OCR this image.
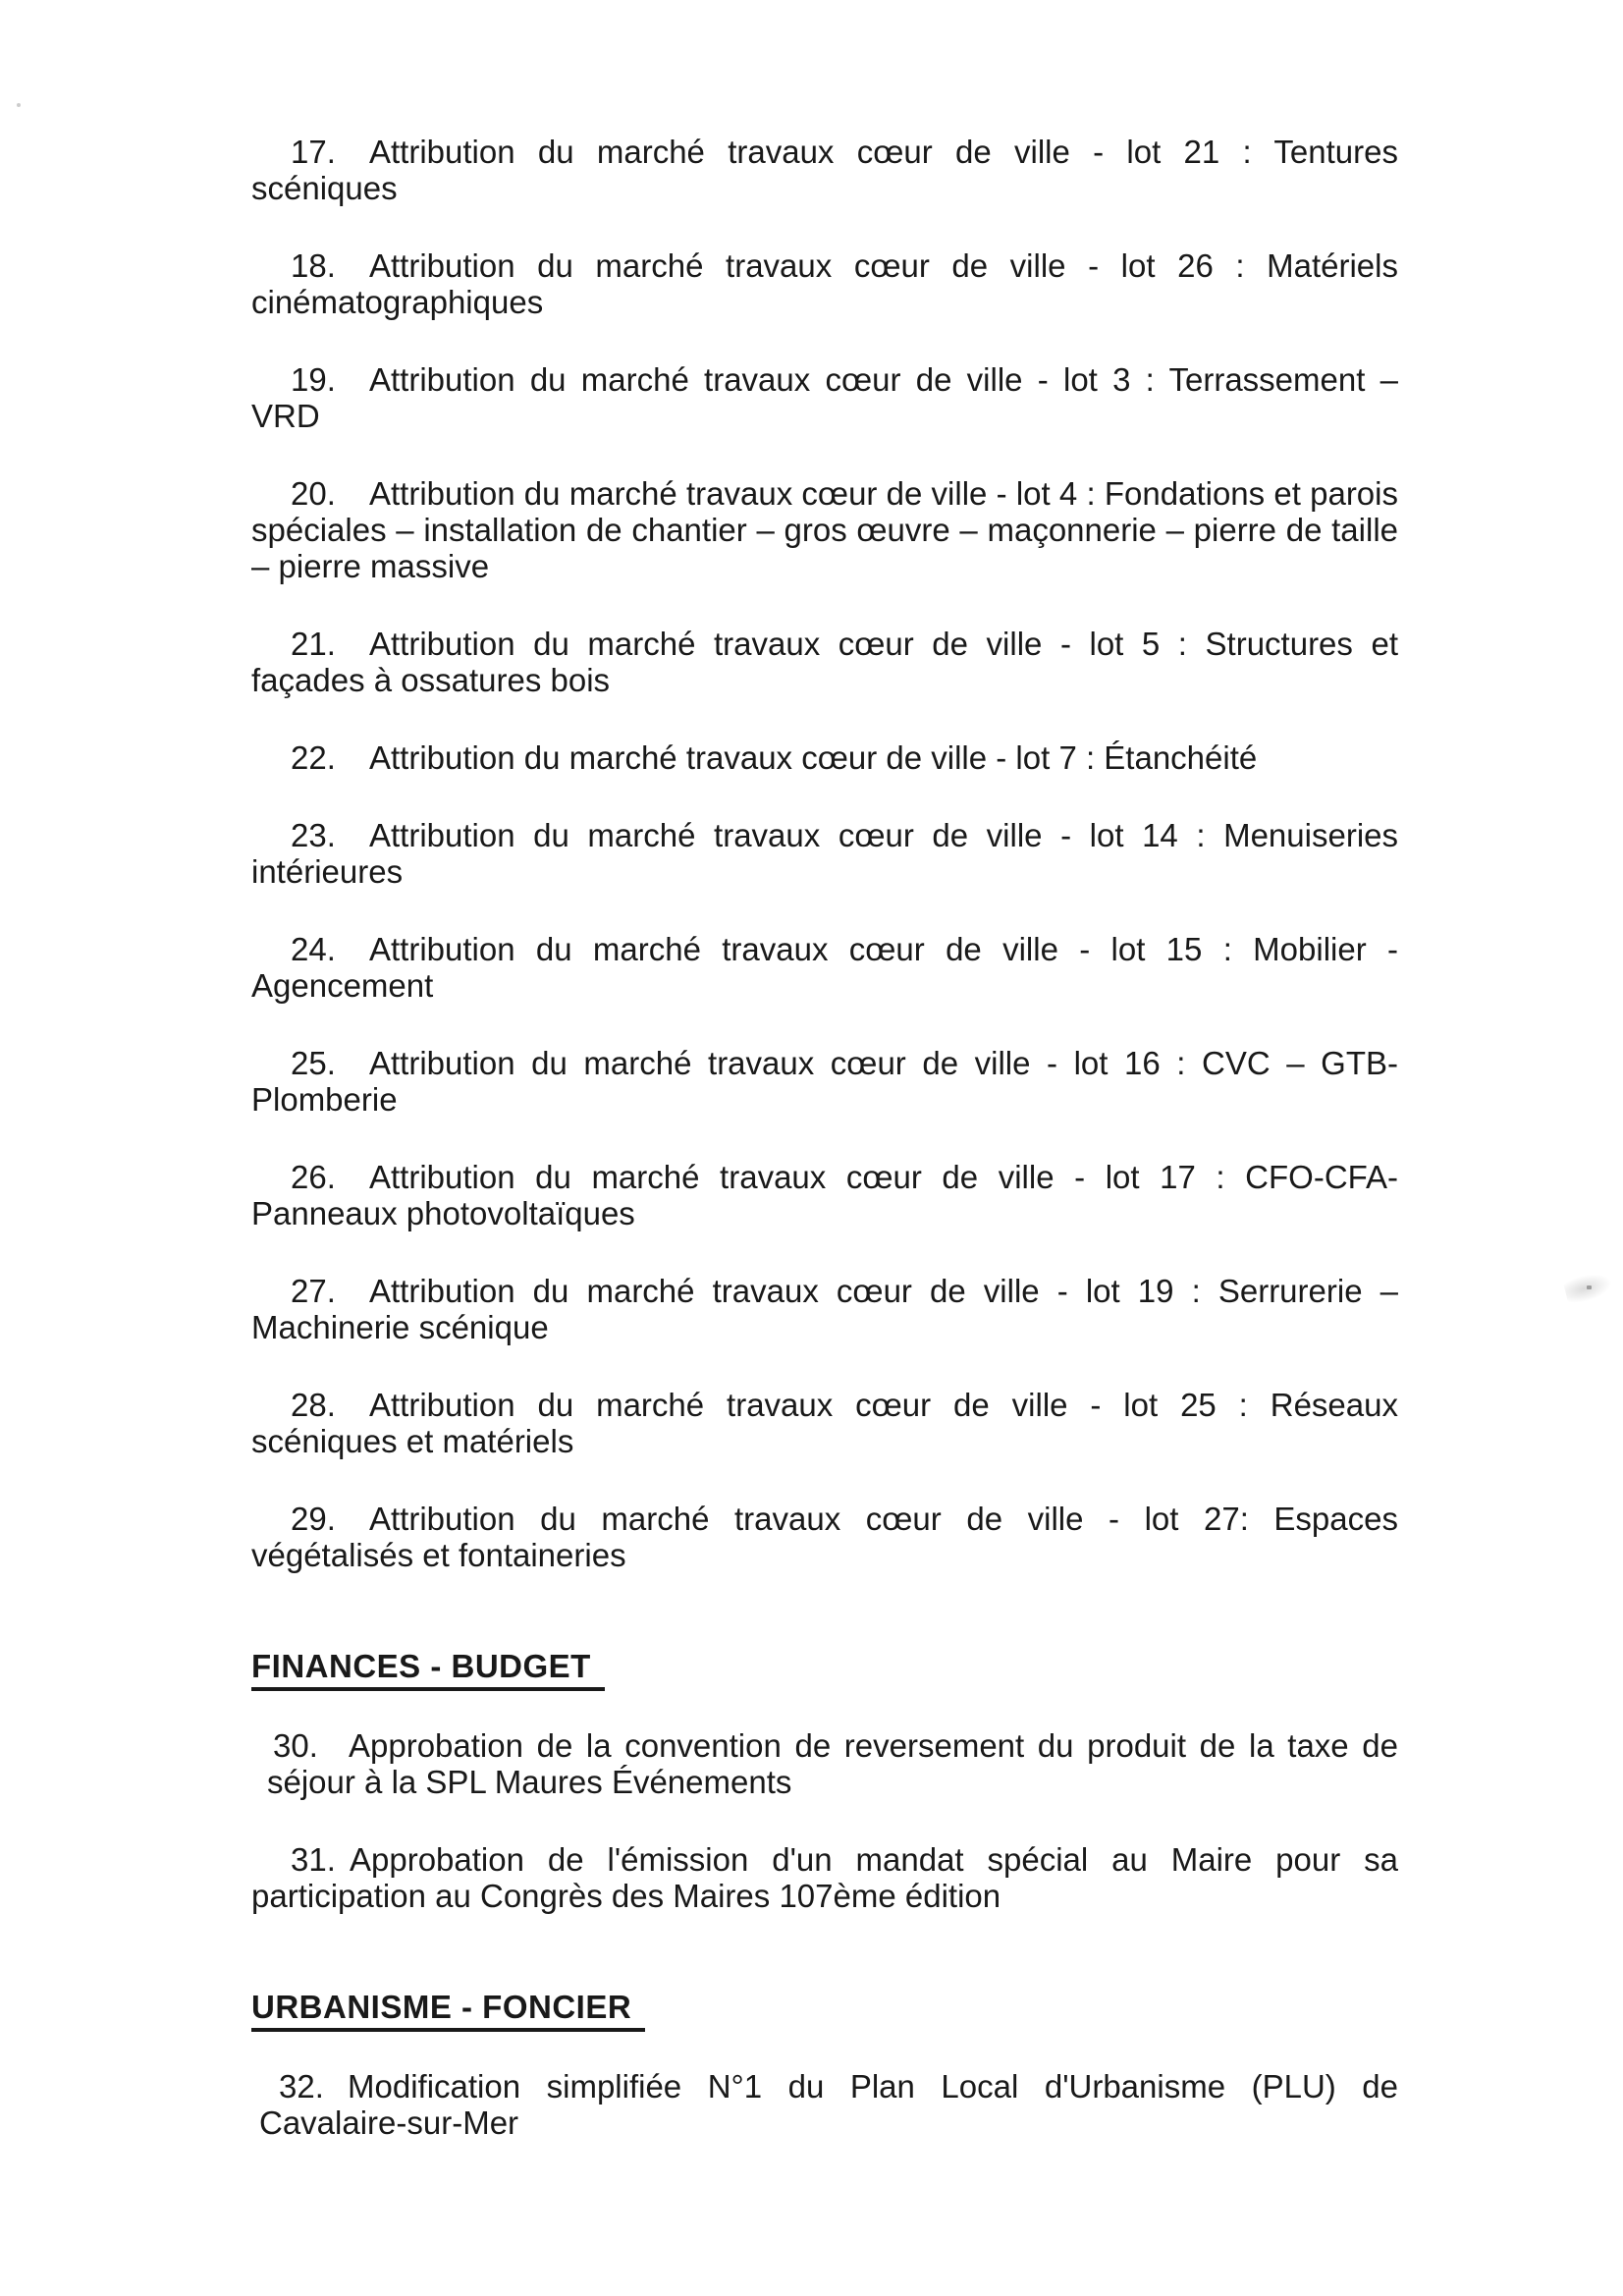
17. Attribution du marché travaux cœur de ville - lot 21 : Tentures
scéniques

18. Attribution du marché travaux cœur de ville - lot 26 : Matériels
cinématographiques

19. Attribution du marché travaux cœur de ville - lot 3 : Terrassement –
VRD

20. Attribution du marché travaux cœur de ville - lot 4 : Fondations et parois
spéciales – installation de chantier – gros œuvre – maçonnerie – pierre de taille
– pierre massive

21. Attribution du marché travaux cœur de ville - lot 5 : Structures et
façades à ossatures bois

22. Attribution du marché travaux cœur de ville - lot 7 : Étanchéité

23. Attribution du marché travaux cœur de ville - lot 14 : Menuiseries
intérieures

24. Attribution du marché travaux cœur de ville - lot 15 : Mobilier -
Agencement

25. Attribution du marché travaux cœur de ville - lot 16 : CVC – GTB-
Plomberie

26. Attribution du marché travaux cœur de ville - lot 17 : CFO-CFA-
Panneaux photovoltaïques

27. Attribution du marché travaux cœur de ville - lot 19 : Serrurerie –
Machinerie scénique

28. Attribution du marché travaux cœur de ville - lot 25 : Réseaux
scéniques et matériels

29. Attribution du marché travaux cœur de ville - lot 27: Espaces
végétalisés et fontaineries

FINANCES - BUDGET

30. Approbation de la convention de reversement du produit de la taxe de
séjour à la SPL Maures Événements

31. Approbation de l'émission d'un mandat spécial au Maire pour sa
participation au Congrès des Maires 107ème édition

URBANISME - FONCIER

32. Modification simplifiée N°1 du Plan Local d'Urbanisme (PLU) de
Cavalaire-sur-Mer
